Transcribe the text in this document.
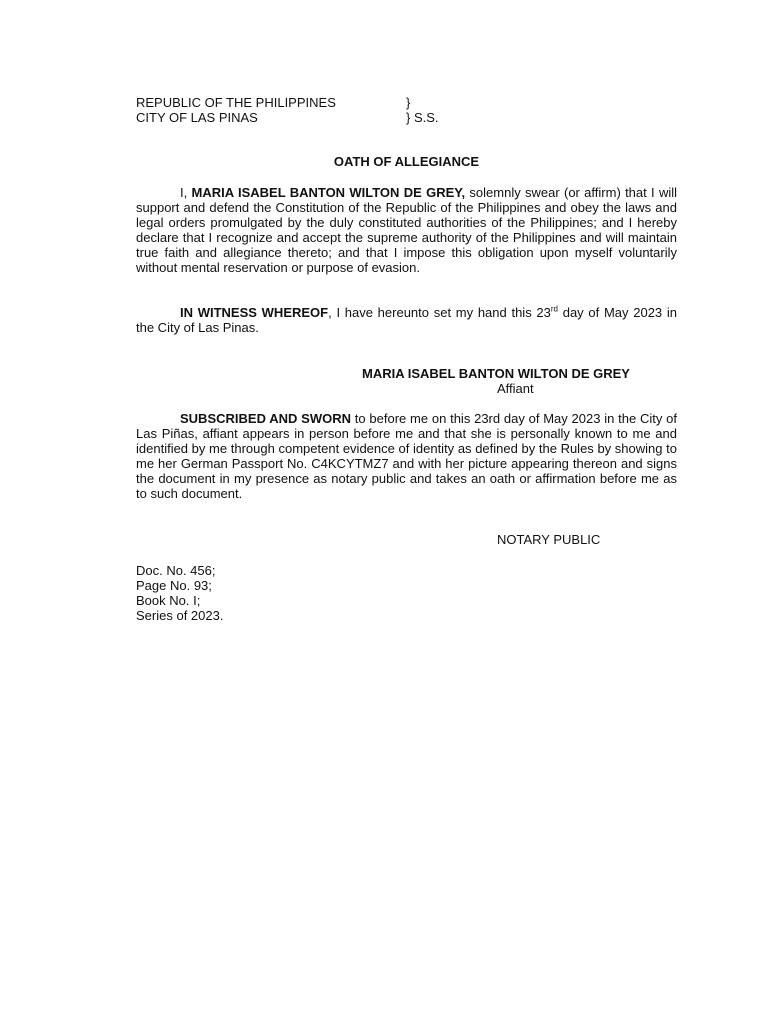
REPUBLIC OF THE PHILIPPINES	}
CITY OF LAS PINAS	} S.S.
OATH OF ALLEGIANCE

I, MARIA ISABEL BANTON WILTON DE GREY, solemnly swear (or affirm) that I will support and defend the Constitution of the Republic of the Philippines and obey the laws and legal orders promulgated by the duly constituted authorities of the Philippines; and I hereby declare that I recognize and accept the supreme authority of the Philippines and will maintain true faith and allegiance thereto; and that I impose this obligation upon myself voluntarily without mental reservation or purpose of evasion.

IN WITNESS WHEREOF, I have hereunto set my hand this 23rd day of May 2023 in the City of Las Pinas.

MARIA ISABEL BANTON WILTON DE GREY
Affiant

SUBSCRIBED AND SWORN to before me on this 23rd day of May 2023 in the City of Las Piñas, affiant appears in person before me and that she is personally known to me and identified by me through competent evidence of identity as defined by the Rules by showing to me her German Passport No. C4KCYTMZ7 and with her picture appearing thereon and signs the document in my presence as notary public and takes an oath or affirmation before me as to such document.

NOTARY PUBLIC
Doc. No. 456;
Page No. 93;
Book No. I;
Series of 2023.
